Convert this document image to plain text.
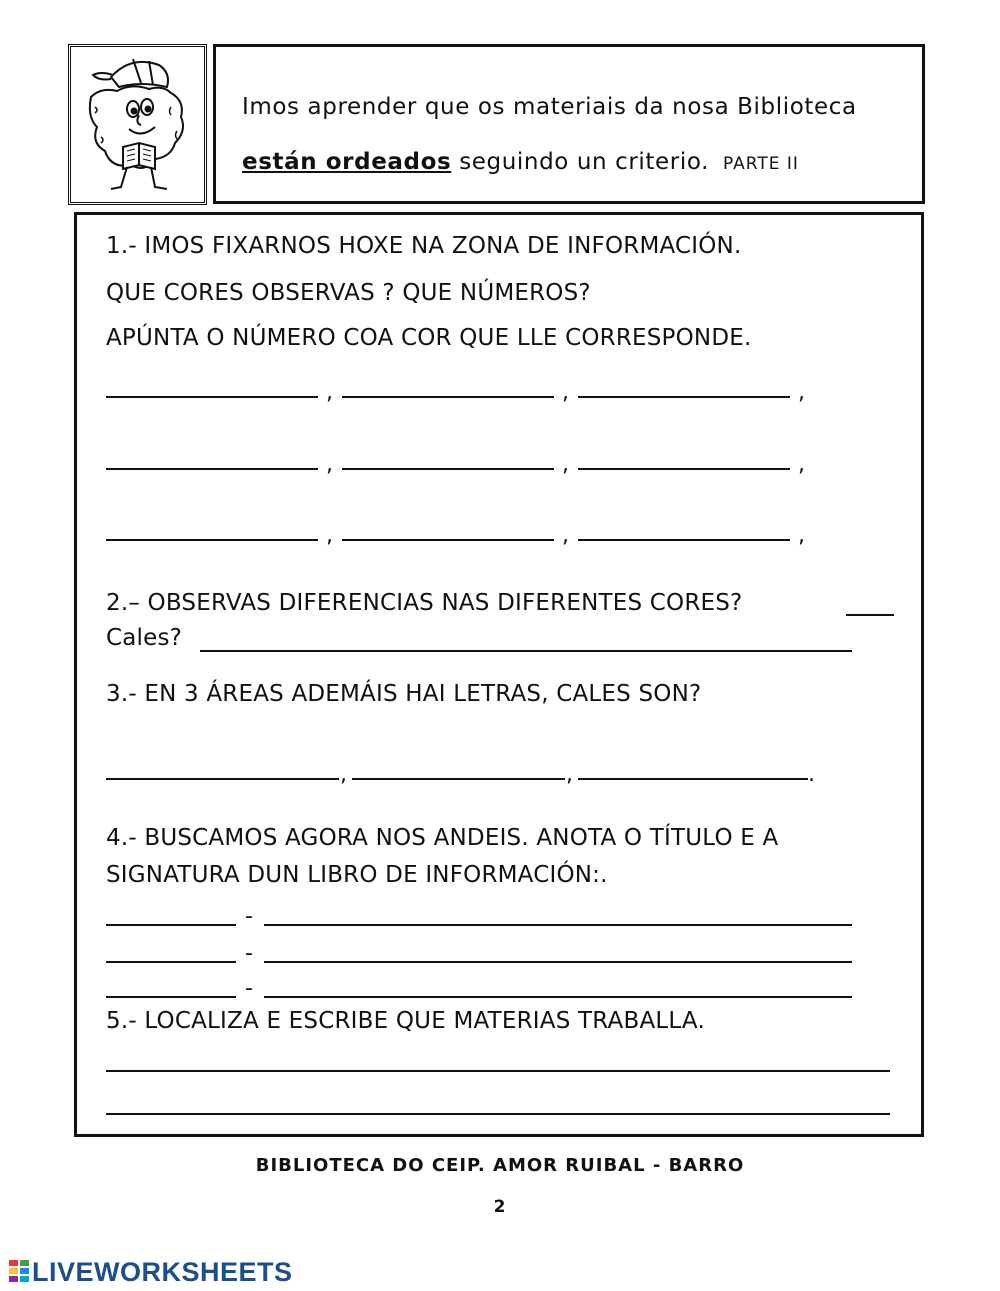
Imos aprender que os materiais da nosa Biblioteca
están ordeados seguindo un criterio. PARTE II
1.- IMOS FIXARNOS HOXE NA ZONA DE INFORMACIÓN.
QUE CORES OBSERVAS ? QUE NÚMEROS?
APÚNTA O NÚMERO COA COR QUE LLE CORRESPONDE.
,	,	,
,	,	,
,	,	,
2.– OBSERVAS DIFERENCIAS NAS DIFERENTES CORES?
Cales?
3.- EN 3 ÁREAS ADEMÁIS HAI LETRAS, CALES SON?
,	,	.
4.- BUSCAMOS AGORA NOS ANDEIS. ANOTA O TÍTULO E A
SIGNATURA DUN LIBRO DE INFORMACIÓN:.
-
-
-
5.- LOCALIZA E ESCRIBE QUE MATERIAS TRABALLA.
BIBLIOTECA DO CEIP. AMOR RUIBAL - BARRO
2
LIVEWORKSHEETS
